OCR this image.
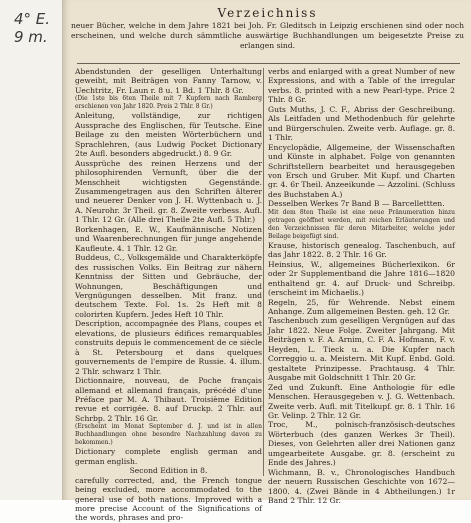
4° E.
9 m.
Verzeichniss
neuer Bücher, welche in dem Jahre 1821 bei Joh. Fr. Gleditsch in Leipzig erschienen sind oder noch erscheinen, und welche durch sämmtliche auswärtige Buchhandlungen um beigesetzte Preise zu erlangen sind.

Abendstunden der geselligen Unterhaltung geweiht, mit Beiträgen von Fanny Tarnow, v. Uechtritz, Fr. Laun r. 8 u. 1 Bd. 1 Thlr. 8 Gr.

(Die 1ste bis 6ten Theile mit 7 Kupfern nach Ramberg erschienen von Jahr 1820. Preis 2 Thlr. 8 Gr.)

Anleitung, vollständige, zur richtigen Aussprache des Englischen, für Teutsche. Eine Beilage zu den meisten Wörterbüchern und Sprachlehren, (aus Ludwig Pocket Dictionary 2te Aufl. besonders abgedruckt.) 8. 9 Gr.

Aussprüche des reinen Herzens und der philosophirenden Vernunft, über die der Menschheit wichtigsten Gegenstände. Zusammengetragen aus den Schriften älterer und neuerer Denker von J. H. Wyttenbach u. J. A. Neurohr. 3r Theil. gr. 8. Zweite verbess. Aufl. 1 Thlr. 12 Gr. (Alle drei Theile 2te Aufl. 5 Thlr.)

Borkenhagen, E. W., Kaufmännische Notizen und Waarenberechnungen für junge angehende Kaufleute. 4. 1 Thlr. 12 Gr.

Buddeus, C., Volksgemälde und Charakterköpfe des russischen Volks. Ein Beitrag zur nähern Kenntniss der Sitten und Gebräuche, der Wohnungen, Beschäftigungen und Vergnügungen desselben. Mit franz. und deutschem Texte. Fol. 1s. 2s Heft mit 8 colorirten Kupfern. Jedes Heft 10 Thlr.

Description, accompagnée des Plans, coupes et elevations, de plusieurs édifices remarquables construits depuis le commencement de ce siècle à St. Petersbourg et dans quelques gouvernements de l'empire de Russie. 4. illum. 2 Thlr. schwarz 1 Thlr.

Dictionnaire, nouveau, de Poche français allemand et allemand français, précédé d'une Préface par M. A. Thibaut. Troisième Edition revue et corrigée. 8. auf Druckp. 2 Thlr. auf Schrbp. 2 Thlr. 16 Gr.

(Erscheint im Monat September d. J. und ist in allen Buchhandlungen ohne besondre Nachzahlung davon zu bekommen.)

Dictionary complete english german and german english.

Second Edition in 8.

carefully corrected, and, the French tongue being excluded, more accommodated to the general use of both nations. Improved with a more precise Account of the Significations of the words, phrases and pro-

verbs and enlarged with a great Number of new Expressions, and with a Table of the irregular verbs. 8. printed with a new Pearl-type. Price 2 Thlr. 8 Gr.

Guts Muths, J. C. F., Abriss der Geschreibung. Als Leitfaden und Methodenbuch für gelehrte und Bürgerschulen. Zweite verb. Auflage. gr. 8. 1 Thlr.

Encyclopädie, Allgemeine, der Wissenschaften und Künste in alphabet. Folge von genannten Schriftstellern bearbeitet und herausgegeben von Ersch und Gruber. Mit Kupf. und Charten gr. 4. 6r Theil. Anzeeikunde — Azzolini. (Schluss des Buchstaben A.)

Desselben Werkes 7r Band B — Barcellettten.

Mit dem 8ten Theile ist eine neue Pränumeration hinzu getragen geöffnet werden, mit reichen Erläuterungen und den Verzeichnissen für deren Mitarbeiter, welche jeder Beilage beigefügt sind.

Krause, historisch genealog. Taschenbuch, auf das Jahr 1822. 8. 2 Thlr. 16 Gr.

Heinsius, W., allgemeines Bücherlexikon. 6r oder 2r Supplementband die Jahre 1816—1820 enthaltend gr. 4. auf Druck- und Schreibp. (erscheint im Michaelis.)

Regeln, 25, für Wehrende. Nebst einem Anhange. Zum allgemeinen Besten. geh. 12 Gr.

Taschenbuch zum geselligen Vergnügen auf das Jahr 1822. Neue Folge. Zweiter Jahrgang. Mit Beiträgen v. F. A. Arnim, C. F. A. Hofmann, F. v. Heyden, L. Tieck u. a. Die Kupfer nach Correggio u. a. Meistern. Mit Kupf. Enbd. Gold. gestaltete Prinzipesse. Prachtausg. 4 Thlr. Ausgabe mit Goldschnitt 1 Thlr. 20 Gr.

Zed und Zukunft. Eine Anthologie für edle Menschen. Herausgegeben v. J. G. Wettenbach. Zweite verb. Aufl. mit Titelkupf. gr. 8. 1 Thlr. 16 Gr. Velinp. 2 Thlr. 12 Gr.

Troc, M., polnisch-französisch-deutsches Wörterbuch (des ganzen Werkes 3r Theil). Dieses, von Gelehrten aller drei Nationen ganz umgearbeitete Ausgabe. gr. 8. (erscheint zu Ende des Jahres.)

Wichmann, B. v., Chronologisches Handbuch der neuern Russischen Geschichte von 1672—1800. 4. (Zwei Bände in 4 Abtheilungen.) 1r Band 2 Thlr. 12 Gr.
